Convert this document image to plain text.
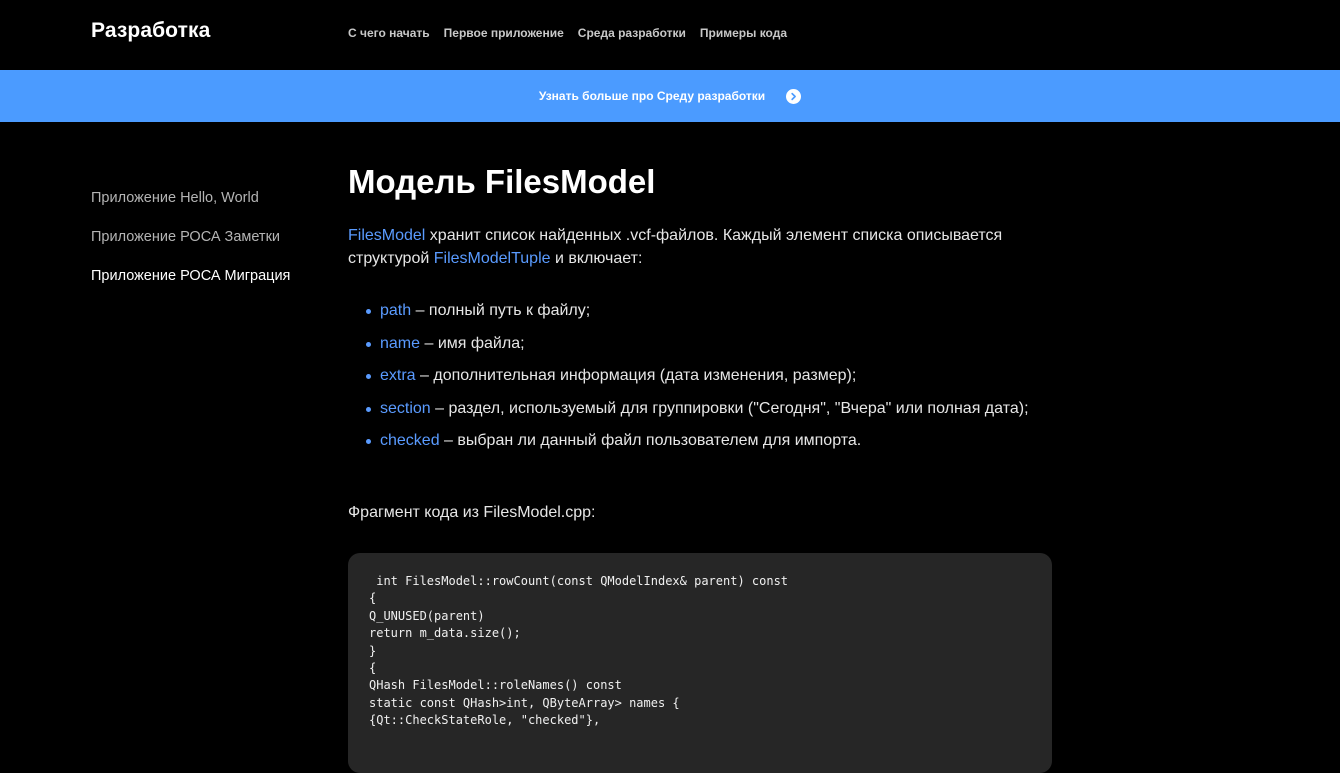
Разработка	С чего начать Первое приложение Среда разработки Примеры кода
Узнать больше про Среду разработки
Приложение Hello, World
Приложение РОСА Заметки
Приложение РОСА Миграция
Модель FilesModel

FilesModel хранит список найденных .vcf-файлов. Каждый элемент списка описывается
структурой FilesModelTuple и включает:

path – полный путь к файлу;
name – имя файла;
extra – дополнительная информация (дата изменения, размер);
section – раздел, используемый для группировки ("Сегодня", "Вчера" или полная дата);
checked – выбран ли данный файл пользователем для импорта.

Фрагмент кода из FilesModel.cpp:

int FilesModel::rowCount(const QModelIndex& parent) const
{
Q_UNUSED(parent)
return m_data.size();
}
{
QHash FilesModel::roleNames() const
static const QHash>int, QByteArray> names {
{Qt::CheckStateRole, "checked"},
